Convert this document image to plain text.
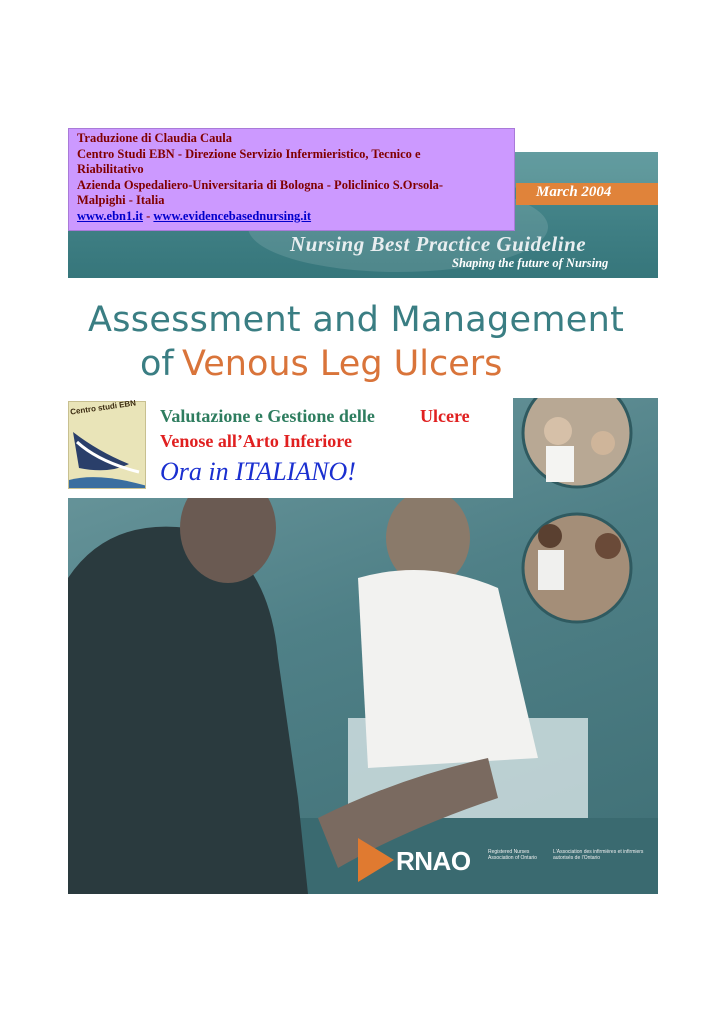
March 2004
Nursing Best Practice Guideline
Shaping the future of Nursing
Traduzione di Claudia Caula
Centro Studi EBN - Direzione Servizio Infermieristico, Tecnico e
Riabilitativo
Azienda Ospedaliero-Universitaria di Bologna - Policlinico S.Orsola-
Malpighi - Italia
www.ebn1.it - www.evidencebasednursing.it
Assessment and Management
of Venous Leg Ulcers
Centro studi EBN Valutazione e Gestione delle	Ulcere
Venose all’Arto Inferiore
Ora in ITALIANO!
RNAO	Registered Nurses Association of Ontario
L'Association des infirmières et infirmiers autorisés de l'Ontario
